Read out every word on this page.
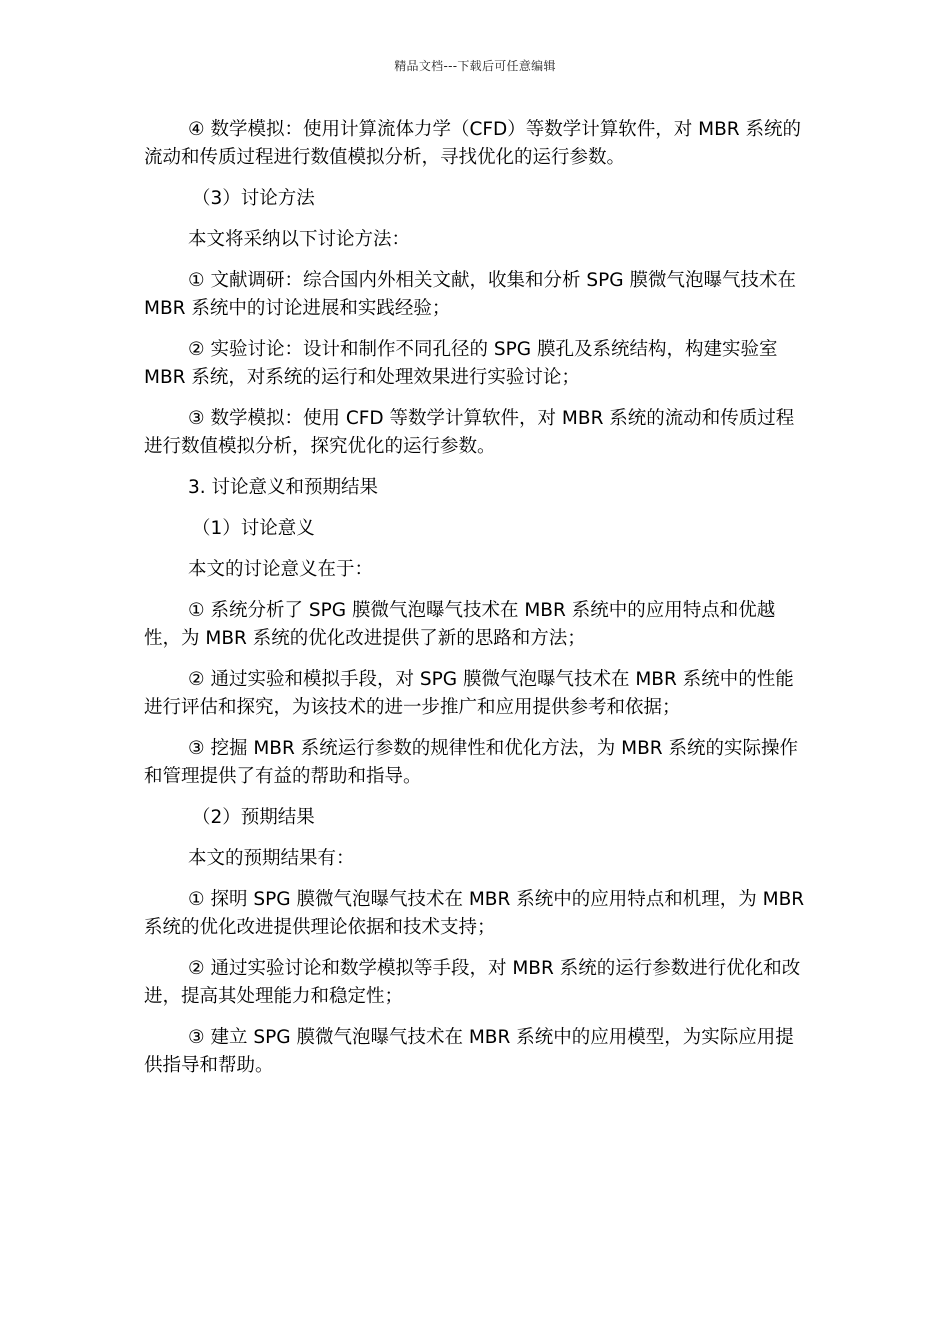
精品文档---下载后可任意编辑

④ 数学模拟：使用计算流体力学（CFD）等数学计算软件，对 MBR 系统的流动和传质过程进行数值模拟分析，寻找优化的运行参数。

（3）讨论方法

本文将采纳以下讨论方法：

① 文献调研：综合国内外相关文献，收集和分析 SPG 膜微气泡曝气技术在 MBR 系统中的讨论进展和实践经验；

② 实验讨论：设计和制作不同孔径的 SPG 膜孔及系统结构，构建实验室 MBR 系统，对系统的运行和处理效果进行实验讨论；

③ 数学模拟：使用 CFD 等数学计算软件，对 MBR 系统的流动和传质过程进行数值模拟分析，探究优化的运行参数。

3. 讨论意义和预期结果

（1）讨论意义

本文的讨论意义在于：

① 系统分析了 SPG 膜微气泡曝气技术在 MBR 系统中的应用特点和优越性，为 MBR 系统的优化改进提供了新的思路和方法；

② 通过实验和模拟手段，对 SPG 膜微气泡曝气技术在 MBR 系统中的性能进行评估和探究，为该技术的进一步推广和应用提供参考和依据；

③ 挖掘 MBR 系统运行参数的规律性和优化方法，为 MBR 系统的实际操作和管理提供了有益的帮助和指导。

（2）预期结果

本文的预期结果有：

① 探明 SPG 膜微气泡曝气技术在 MBR 系统中的应用特点和机理，为 MBR 系统的优化改进提供理论依据和技术支持；

② 通过实验讨论和数学模拟等手段，对 MBR 系统的运行参数进行优化和改进，提高其处理能力和稳定性；

③ 建立 SPG 膜微气泡曝气技术在 MBR 系统中的应用模型，为实际应用提供指导和帮助。
